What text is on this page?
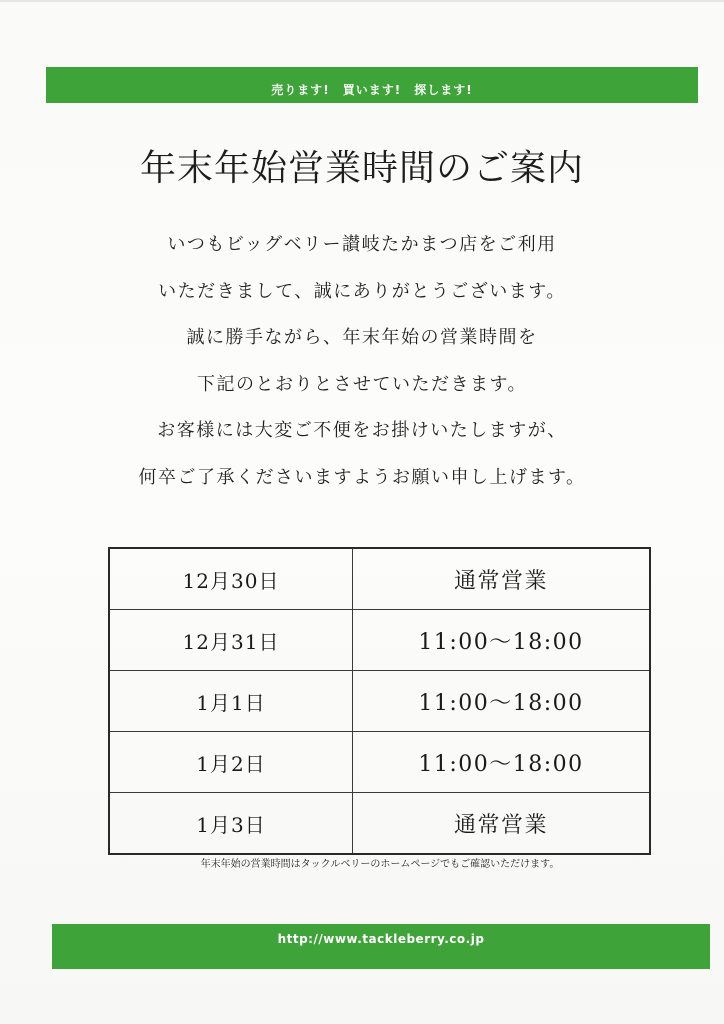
売ります!　買います!　探します!
年末年始営業時間のご案内
いつもビッグベリー讃岐たかまつ店をご利用
いただきまして、誠にありがとうございます。
誠に勝手ながら、年末年始の営業時間を
下記のとおりとさせていただきます。
お客様には大変ご不便をお掛けいたしますが、
何卒ご了承くださいますようお願い申し上げます。
12月30日	通常営業
12月31日	11:00〜18:00
1月1日	11:00〜18:00
1月2日	11:00〜18:00
1月3日	通常営業
年末年始の営業時間はタックルベリーのホームページでもご確認いただけます。
http://www.tackleberry.co.jp
